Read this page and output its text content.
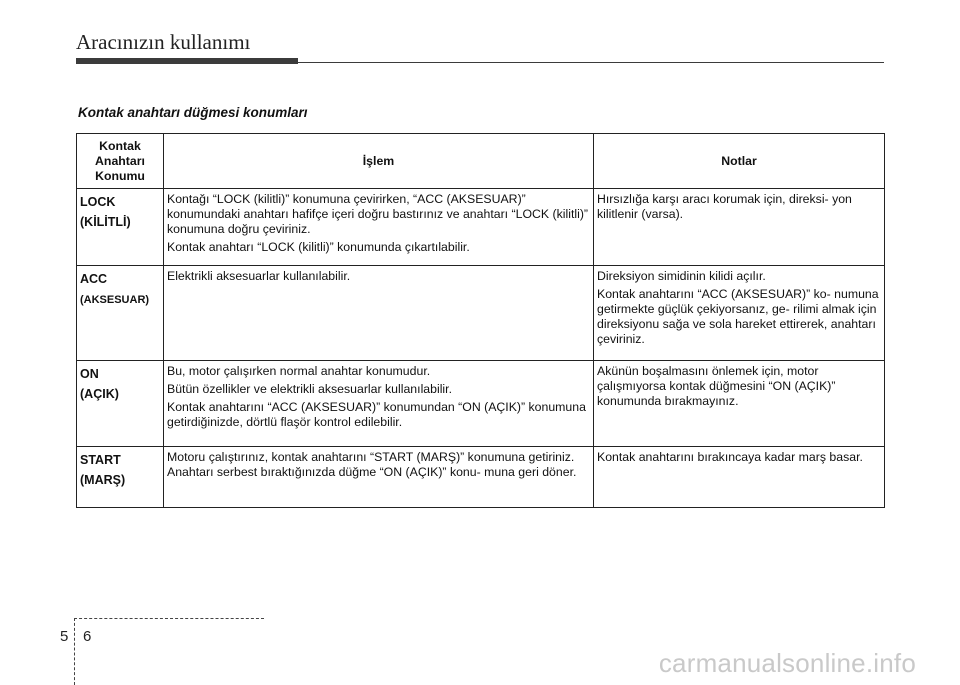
Aracınızın kullanımı
Kontak anahtarı düğmesi konumları
Kontak
Anahtarı
Konumu	İşlem	Notlar
LOCK
(KİLİTLİ)	Kontağı “LOCK (kilitli)” konumuna çevirirken, “ACC (AKSESUAR)” konumundaki anahtarı hafifçe içeri doğru bastırınız ve anahtarı “LOCK (kilitli)” konumuna doğru çeviriniz.
Kontak anahtarı “LOCK (kilitli)” konumunda çıkartılabilir.	Hırsızlığa karşı aracı korumak için, direksi- yon kilitlenir (varsa).

ACC
(AKSESUAR)	Elektrikli aksesuarlar kullanılabilir.	Direksiyon simidinin kilidi açılır.
Kontak anahtarını “ACC (AKSESUAR)” ko- numuna getirmekte güçlük çekiyorsanız, ge- rilimi almak için direksiyonu sağa ve sola hareket ettirerek, anahtarı çeviriniz.

ON
(AÇIK)	Bu, motor çalışırken normal anahtar konumudur.
Bütün özellikler ve elektrikli aksesuarlar kullanılabilir.
Kontak anahtarını “ACC (AKSESUAR)” konumundan “ON (AÇIK)” konumuna getirdiğinizde, dörtlü flaşör kontrol edilebilir.	Akünün boşalmasını önlemek için, motor çalışmıyorsa kontak düğmesini “ON (AÇIK)” konumunda bırakmayınız.

START
(MARŞ)	Motoru çalıştırınız, kontak anahtarını “START (MARŞ)” konumuna getiriniz. Anahtarı serbest bıraktığınızda düğme “ON (AÇIK)” konu- muna geri döner.	Kontak anahtarını bırakıncaya kadar marş basar.
5 6
carmanualsonline.info
